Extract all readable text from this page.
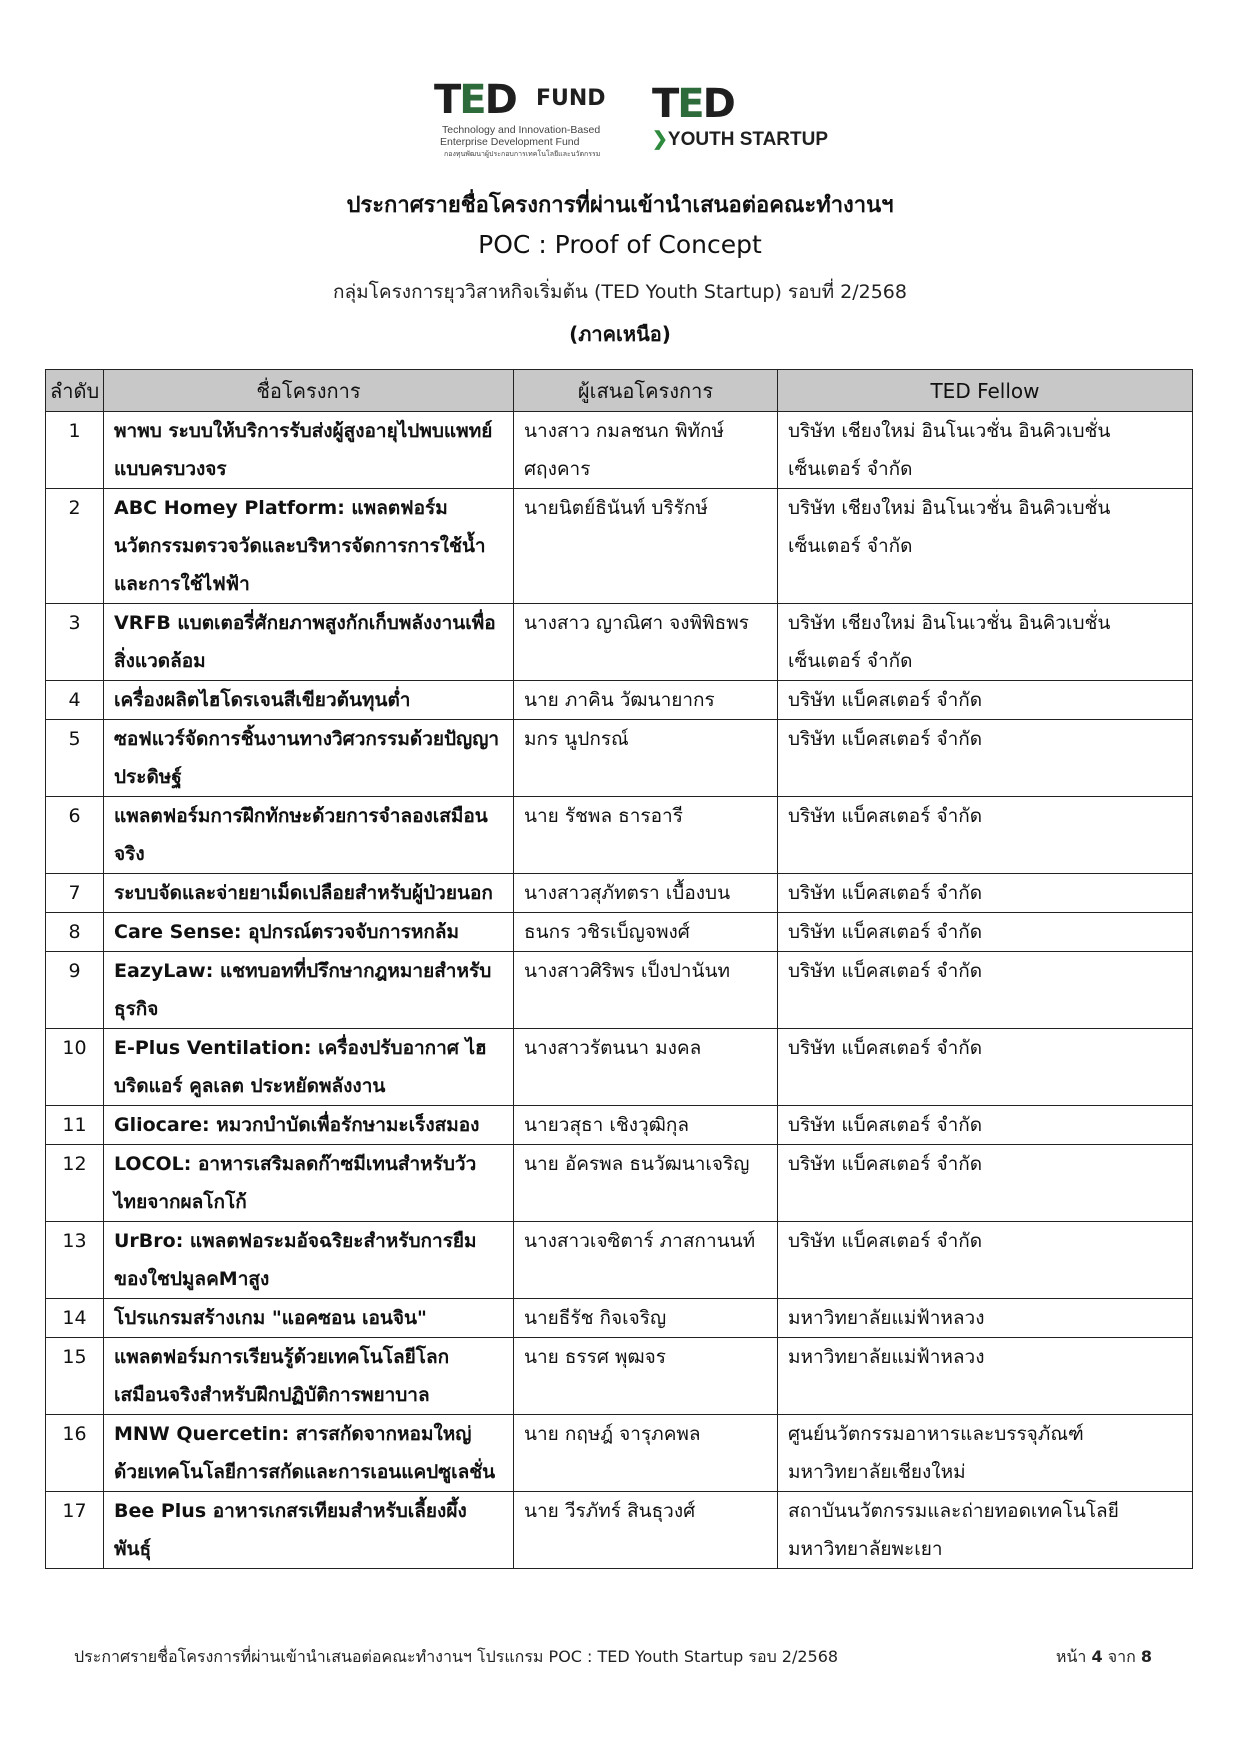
TED FUND
Technology and Innovation-Based
Enterprise Development Fund
กองทุนพัฒนาผู้ประกอบการเทคโนโลยีและนวัตกรรม
TED
❯YOUTH STARTUP
ประกาศรายชื่อโครงการที่ผ่านเข้านำเสนอต่อคณะทำงานฯ
POC : Proof of Concept
กลุ่มโครงการยุววิสาหกิจเริ่มต้น (TED Youth Startup) รอบที่ 2/2568
(ภาคเหนือ)
ลำดับ	ชื่อโครงการ	ผู้เสนอโครงการ	TED Fellow
1	พาพบ ระบบให้บริการรับส่งผู้สูงอายุไปพบแพทย์แบบครบวงจร	นางสาว กมลชนก พิทักษ์ศฤงคาร	บริษัท เชียงใหม่ อินโนเวชั่น อินคิวเบชั่น เซ็นเตอร์ จำกัด
2	ABC Homey Platform: แพลตฟอร์มนวัตกรรมตรวจวัดและบริหารจัดการการใช้น้ำและการใช้ไฟฟ้า	นายนิตย์ธินันท์ บริรักษ์	บริษัท เชียงใหม่ อินโนเวชั่น อินคิวเบชั่น เซ็นเตอร์ จำกัด
3	VRFB แบตเตอรี่ศักยภาพสูงกักเก็บพลังงานเพื่อสิ่งแวดล้อม	นางสาว ญาณิศา จงพิพิธพร	บริษัท เชียงใหม่ อินโนเวชั่น อินคิวเบชั่น เซ็นเตอร์ จำกัด
4	เครื่องผลิตไฮโดรเจนสีเขียวต้นทุนต่ำ	นาย ภาคิน วัฒนายากร	บริษัท แบ็คสเตอร์ จำกัด
5	ซอฟแวร์จัดการชิ้นงานทางวิศวกรรมด้วยปัญญาประดิษฐ์	มกร นูปกรณ์	บริษัท แบ็คสเตอร์ จำกัด
6	แพลตฟอร์มการฝึกทักษะด้วยการจำลองเสมือนจริง	นาย รัชพล ธารอารี	บริษัท แบ็คสเตอร์ จำกัด
7	ระบบจัดและจ่ายยาเม็ดเปลือยสำหรับผู้ป่วยนอก	นางสาวสุภัทตรา เบื้องบน	บริษัท แบ็คสเตอร์ จำกัด
8	Care Sense: อุปกรณ์ตรวจจับการหกล้ม	ธนกร วชิรเบ็ญจพงศ์	บริษัท แบ็คสเตอร์ จำกัด
9	EazyLaw: แชทบอทที่ปรึกษากฎหมายสำหรับธุรกิจ	นางสาวศิริพร เป็งปานันท	บริษัท แบ็คสเตอร์ จำกัด
10	E-Plus Ventilation: เครื่องปรับอากาศ ไฮบริดแอร์ คูลเลต ประหยัดพลังงาน	นางสาวรัตนนา มงคล	บริษัท แบ็คสเตอร์ จำกัด
11	Gliocare: หมวกบำบัดเพื่อรักษามะเร็งสมอง	นายวสุธา เชิงวุฒิกุล	บริษัท แบ็คสเตอร์ จำกัด
12	LOCOL: อาหารเสริมลดก๊าซมีเทนสำหรับวัวไทยจากผลโกโก้	นาย อัครพล ธนวัฒนาเจริญ	บริษัท แบ็คสเตอร์ จำกัด
13	UrBro: แพลตฟอระมอัจฉริยะสำหรับการยืมของใชปมูลคMาสูง	นางสาวเจซิตาร์ ภาสกานนท์	บริษัท แบ็คสเตอร์ จำกัด
14	โปรแกรมสร้างเกม "แอคซอน เอนจิน"	นายธีรัช กิจเจริญ	มหาวิทยาลัยแม่ฟ้าหลวง
15	แพลตฟอร์มการเรียนรู้ด้วยเทคโนโลยีโลกเสมือนจริงสำหรับฝึกปฏิบัติการพยาบาล	นาย ธรรศ พุฒจร	มหาวิทยาลัยแม่ฟ้าหลวง
16	MNW Quercetin: สารสกัดจากหอมใหญ่ด้วยเทคโนโลยีการสกัดและการเอนแคปซูเลชั่น	นาย กฤษฎ์ จารุภคพล	ศูนย์นวัตกรรมอาหารและบรรจุภัณฑ์ มหาวิทยาลัยเชียงใหม่
17	Bee Plus อาหารเกสรเทียมสำหรับเลี้ยงผึ้งพันธุ์	นาย วีรภัทร์ สินธุวงศ์	สถาบันนวัตกรรมและถ่ายทอดเทคโนโลยี มหาวิทยาลัยพะเยา
ประกาศรายชื่อโครงการที่ผ่านเข้านำเสนอต่อคณะทำงานฯ โปรแกรม POC : TED Youth Startup รอบ 2/2568	หน้า 4 จาก 8
